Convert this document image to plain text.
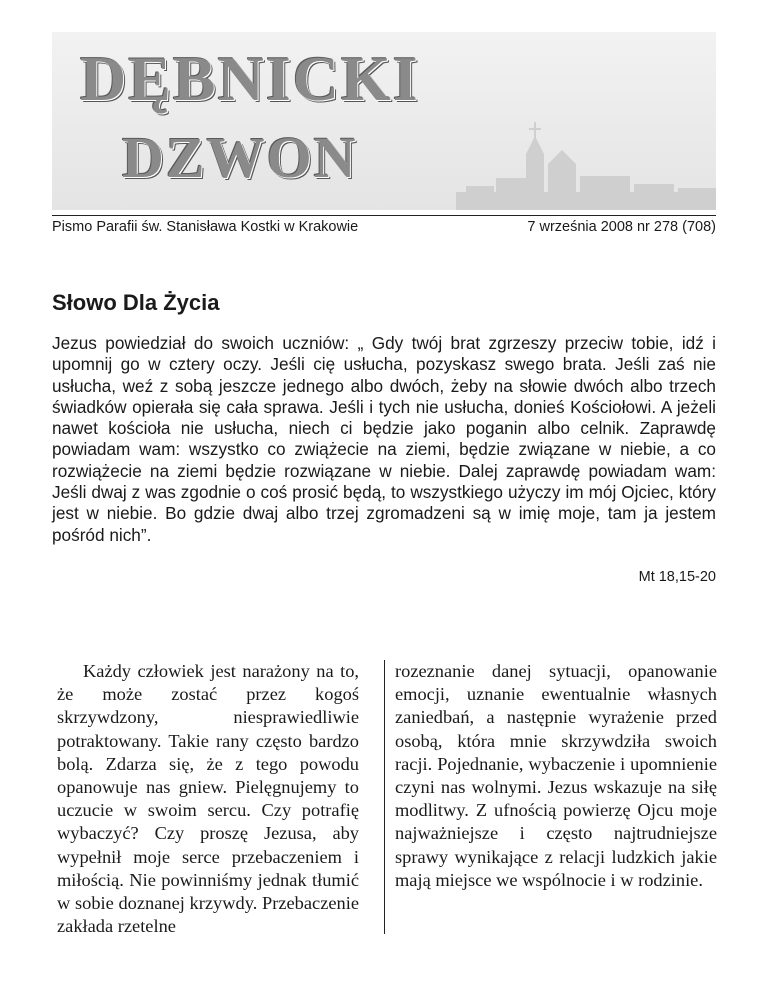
DĘBNICKI
DZWON
Pismo Parafii św. Stanisława Kostki w Krakowie	7 września 2008 nr 278 (708)
Słowo Dla Życia

Jezus powiedział do swoich uczniów: „ Gdy twój brat zgrzeszy przeciw tobie, idź i upomnij go w cztery oczy. Jeśli cię usłucha, pozyskasz swego brata. Jeśli zaś nie usłucha, weź z sobą jeszcze jednego albo dwóch, żeby na słowie dwóch albo trzech świadków opierała się cała sprawa. Jeśli i tych nie usłucha, donieś Kościołowi. A jeżeli nawet kościoła nie usłucha, niech ci będzie jako poganin albo celnik. Zaprawdę powiadam wam: wszystko co zwiążecie na ziemi, będzie związane w niebie, a co rozwiążecie na ziemi będzie rozwiązane w niebie. Dalej zaprawdę powiadam wam: Jeśli dwaj z was zgodnie o coś prosić będą, to wszystkiego użyczy im mój Ojciec, który jest w niebie. Bo gdzie dwaj albo trzej zgromadzeni są w imię moje, tam ja jestem pośród nich”.

Mt 18,15-20

Każdy człowiek jest narażony na to, że może zostać przez kogoś skrzywdzony, niesprawiedliwie potraktowany. Takie rany często bardzo bolą. Zdarza się, że z tego powodu opanowuje nas gniew. Pielęgnujemy to uczucie w swoim sercu. Czy potrafię wybaczyć? Czy proszę Jezusa, aby wypełnił moje serce przebaczeniem i miłością. Nie powinniśmy jednak tłumić w sobie doznanej krzywdy. Przebaczenie zakłada rzetelne

rozeznanie danej sytuacji, opanowanie emocji, uznanie ewentualnie własnych zaniedbań, a następnie wyrażenie przed osobą, która mnie skrzywdziła swoich racji. Pojednanie, wybaczenie i upomnienie czyni nas wolnymi. Jezus wskazuje na siłę modlitwy. Z ufnością powierzę Ojcu moje najważniejsze i często najtrudniejsze sprawy wynikające z relacji ludzkich jakie mają miejsce we wspólnocie i w rodzinie.
